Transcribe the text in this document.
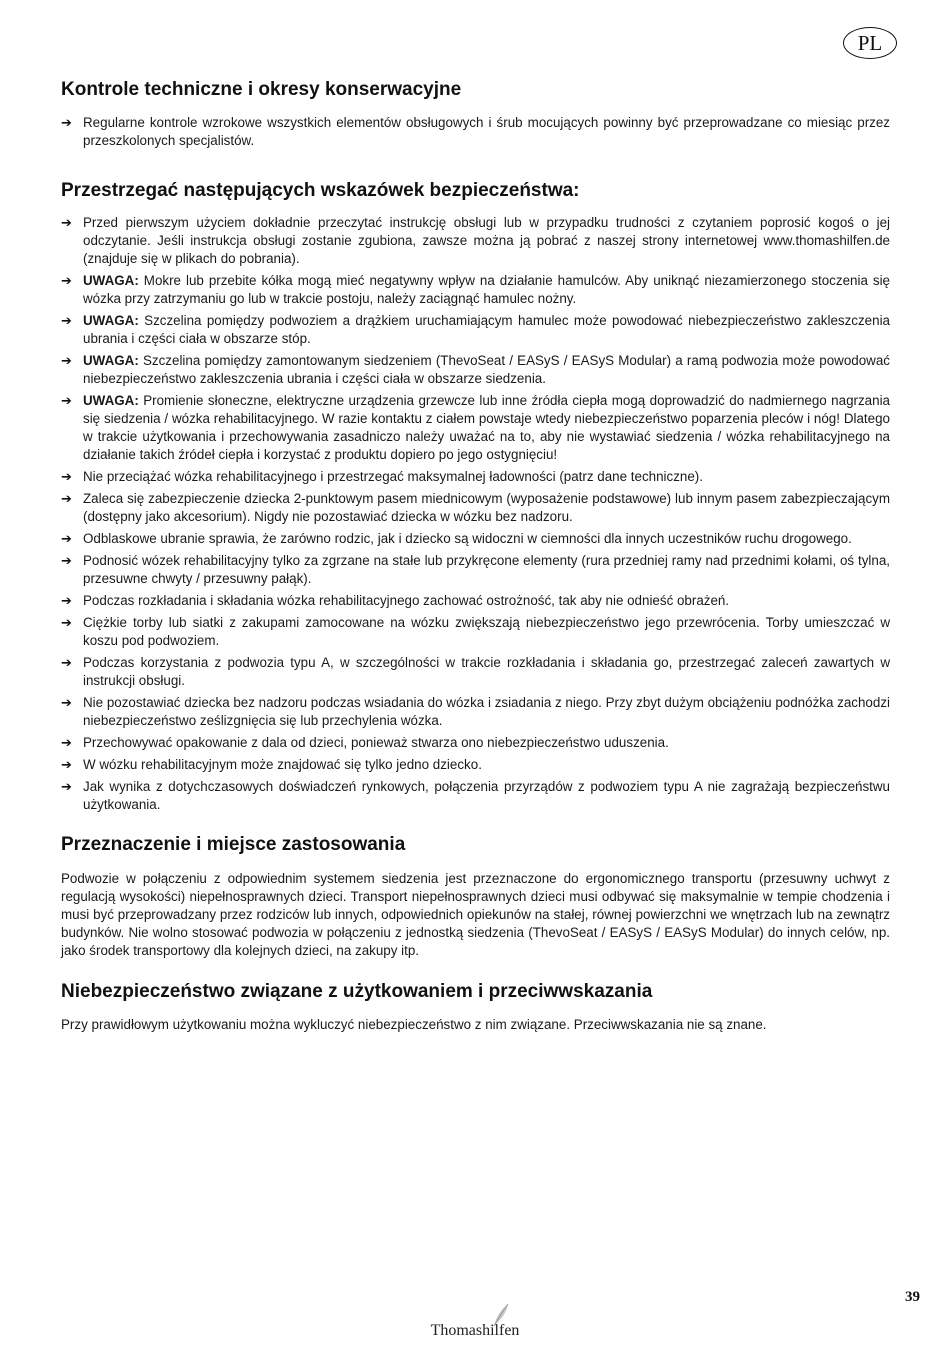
PL
Kontrole techniczne i okresy konserwacyjne
➔ Regularne kontrole wzrokowe wszystkich elementów obsługowych i śrub mocujących powinny być przeprowadzane co miesiąc przez przeszkolonych specjalistów.
Przestrzegać następujących wskazówek bezpieczeństwa:
➔ Przed pierwszym użyciem dokładnie przeczytać instrukcję obsługi lub w przypadku trudności z czytaniem poprosić kogoś o jej odczytanie. Jeśli instrukcja obsługi zostanie zgubiona, zawsze można ją pobrać z naszej strony internetowej www.thomashilfen.de (znajduje się w plikach do pobrania).
➔ UWAGA: Mokre lub przebite kółka mogą mieć negatywny wpływ na działanie hamulców. Aby uniknąć niezamierzonego stoczenia się wózka przy zatrzymaniu go lub w trakcie postoju, należy zaciągnąć hamulec nożny.
➔ UWAGA: Szczelina pomiędzy podwoziem a drążkiem uruchamiającym hamulec może powodować niebezpieczeństwo zakleszczenia ubrania i części ciała w obszarze stóp.
➔ UWAGA: Szczelina pomiędzy zamontowanym siedzeniem (ThevoSeat / EASyS / EASyS Modular) a ramą podwozia może powodować niebezpieczeństwo zakleszczenia ubrania i części ciała w obszarze siedzenia.
➔ UWAGA: Promienie słoneczne, elektryczne urządzenia grzewcze lub inne źródła ciepła mogą doprowadzić do nadmiernego nagrzania się siedzenia / wózka rehabilitacyjnego. W razie kontaktu z ciałem powstaje wtedy niebezpieczeństwo poparzenia pleców i nóg! Dlatego w trakcie użytkowania i przechowywania zasadniczo należy uważać na to, aby nie wystawiać siedzenia / wózka rehabilitacyjnego na działanie takich źródeł ciepła i korzystać z produktu dopiero po jego ostygnięciu!
➔ Nie przeciążać wózka rehabilitacyjnego i przestrzegać maksymalnej ładowności (patrz dane techniczne).
➔ Zaleca się zabezpieczenie dziecka 2-punktowym pasem miednicowym (wyposażenie podstawowe) lub innym pasem zabezpieczającym (dostępny jako akcesorium). Nigdy nie pozostawiać dziecka w wózku bez nadzoru.
➔ Odblaskowe ubranie sprawia, że zarówno rodzic, jak i dziecko są widoczni w ciemności dla innych uczestników ruchu drogowego.
➔ Podnosić wózek rehabilitacyjny tylko za zgrzane na stałe lub przykręcone elementy (rura przedniej ramy nad przednimi kołami, oś tylna, przesuwne chwyty / przesuwny pałąk).
➔ Podczas rozkładania i składania wózka rehabilitacyjnego zachować ostrożność, tak aby nie odnieść obrażeń.
➔ Ciężkie torby lub siatki z zakupami zamocowane na wózku zwiększają niebezpieczeństwo jego przewrócenia. Torby umieszczać w koszu pod podwoziem.
➔ Podczas korzystania z podwozia typu A, w szczególności w trakcie rozkładania i składania go, przestrzegać zaleceń zawartych w instrukcji obsługi.
➔ Nie pozostawiać dziecka bez nadzoru podczas wsiadania do wózka i zsiadania z niego. Przy zbyt dużym obciążeniu podnóżka zachodzi niebezpieczeństwo ześlizgnięcia się lub przechylenia wózka.
➔ Przechowywać opakowanie z dala od dzieci, ponieważ stwarza ono niebezpieczeństwo uduszenia.
➔ W wózku rehabilitacyjnym może znajdować się tylko jedno dziecko.
➔ Jak wynika z dotychczasowych doświadczeń rynkowych, połączenia przyrządów z podwoziem typu A nie zagrażają bezpieczeństwu użytkowania.
Przeznaczenie i miejsce zastosowania

Podwozie w połączeniu z odpowiednim systemem siedzenia jest przeznaczone do ergonomicznego transportu (przesuwny uchwyt z regulacją wysokości) niepełnosprawnych dzieci. Transport niepełnosprawnych dzieci musi odbywać się maksymalnie w tempie chodzenia i musi być przeprowadzany przez rodziców lub innych, odpowiednich opiekunów na stałej, równej powierzchni we wnętrzach lub na zewnątrz budynków. Nie wolno stosować podwozia w połączeniu z jednostką siedzenia (ThevoSeat / EASyS / EASyS Modular) do innych celów, np. jako środek transportowy dla kolejnych dzieci, na zakupy itp.

Niebezpieczeństwo związane z użytkowaniem i przeciwwskazania

Przy prawidłowym użytkowaniu można wykluczyć niebezpieczeństwo z nim związane. Przeciwwskazania nie są znane.

39
Thomashilfen
